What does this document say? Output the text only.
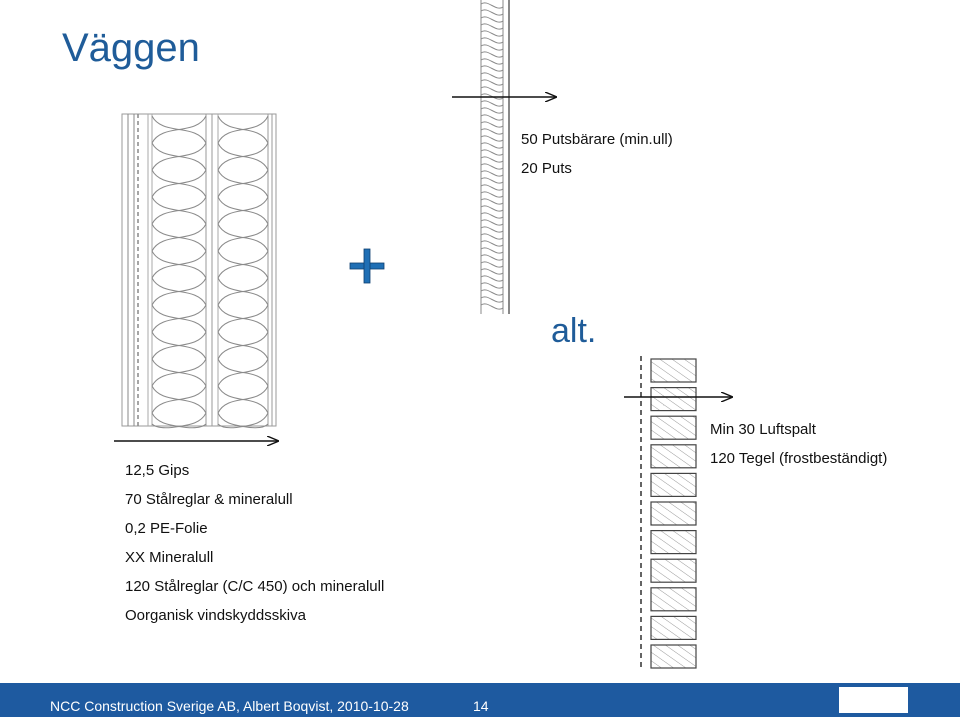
Väggen
alt.
50 Putsbärare (min.ull)
20 Puts
Min 30 Luftspalt
120 Tegel (frostbeständigt)
12,5 Gips
70 Stålreglar & mineralull
0,2 PE-Folie
XX Mineralull
120 Stålreglar (C/C 450) och mineralull
Oorganisk vindskyddsskiva
NCC Construction Sverige AB, Albert Boqvist, 2010-10-28	14
